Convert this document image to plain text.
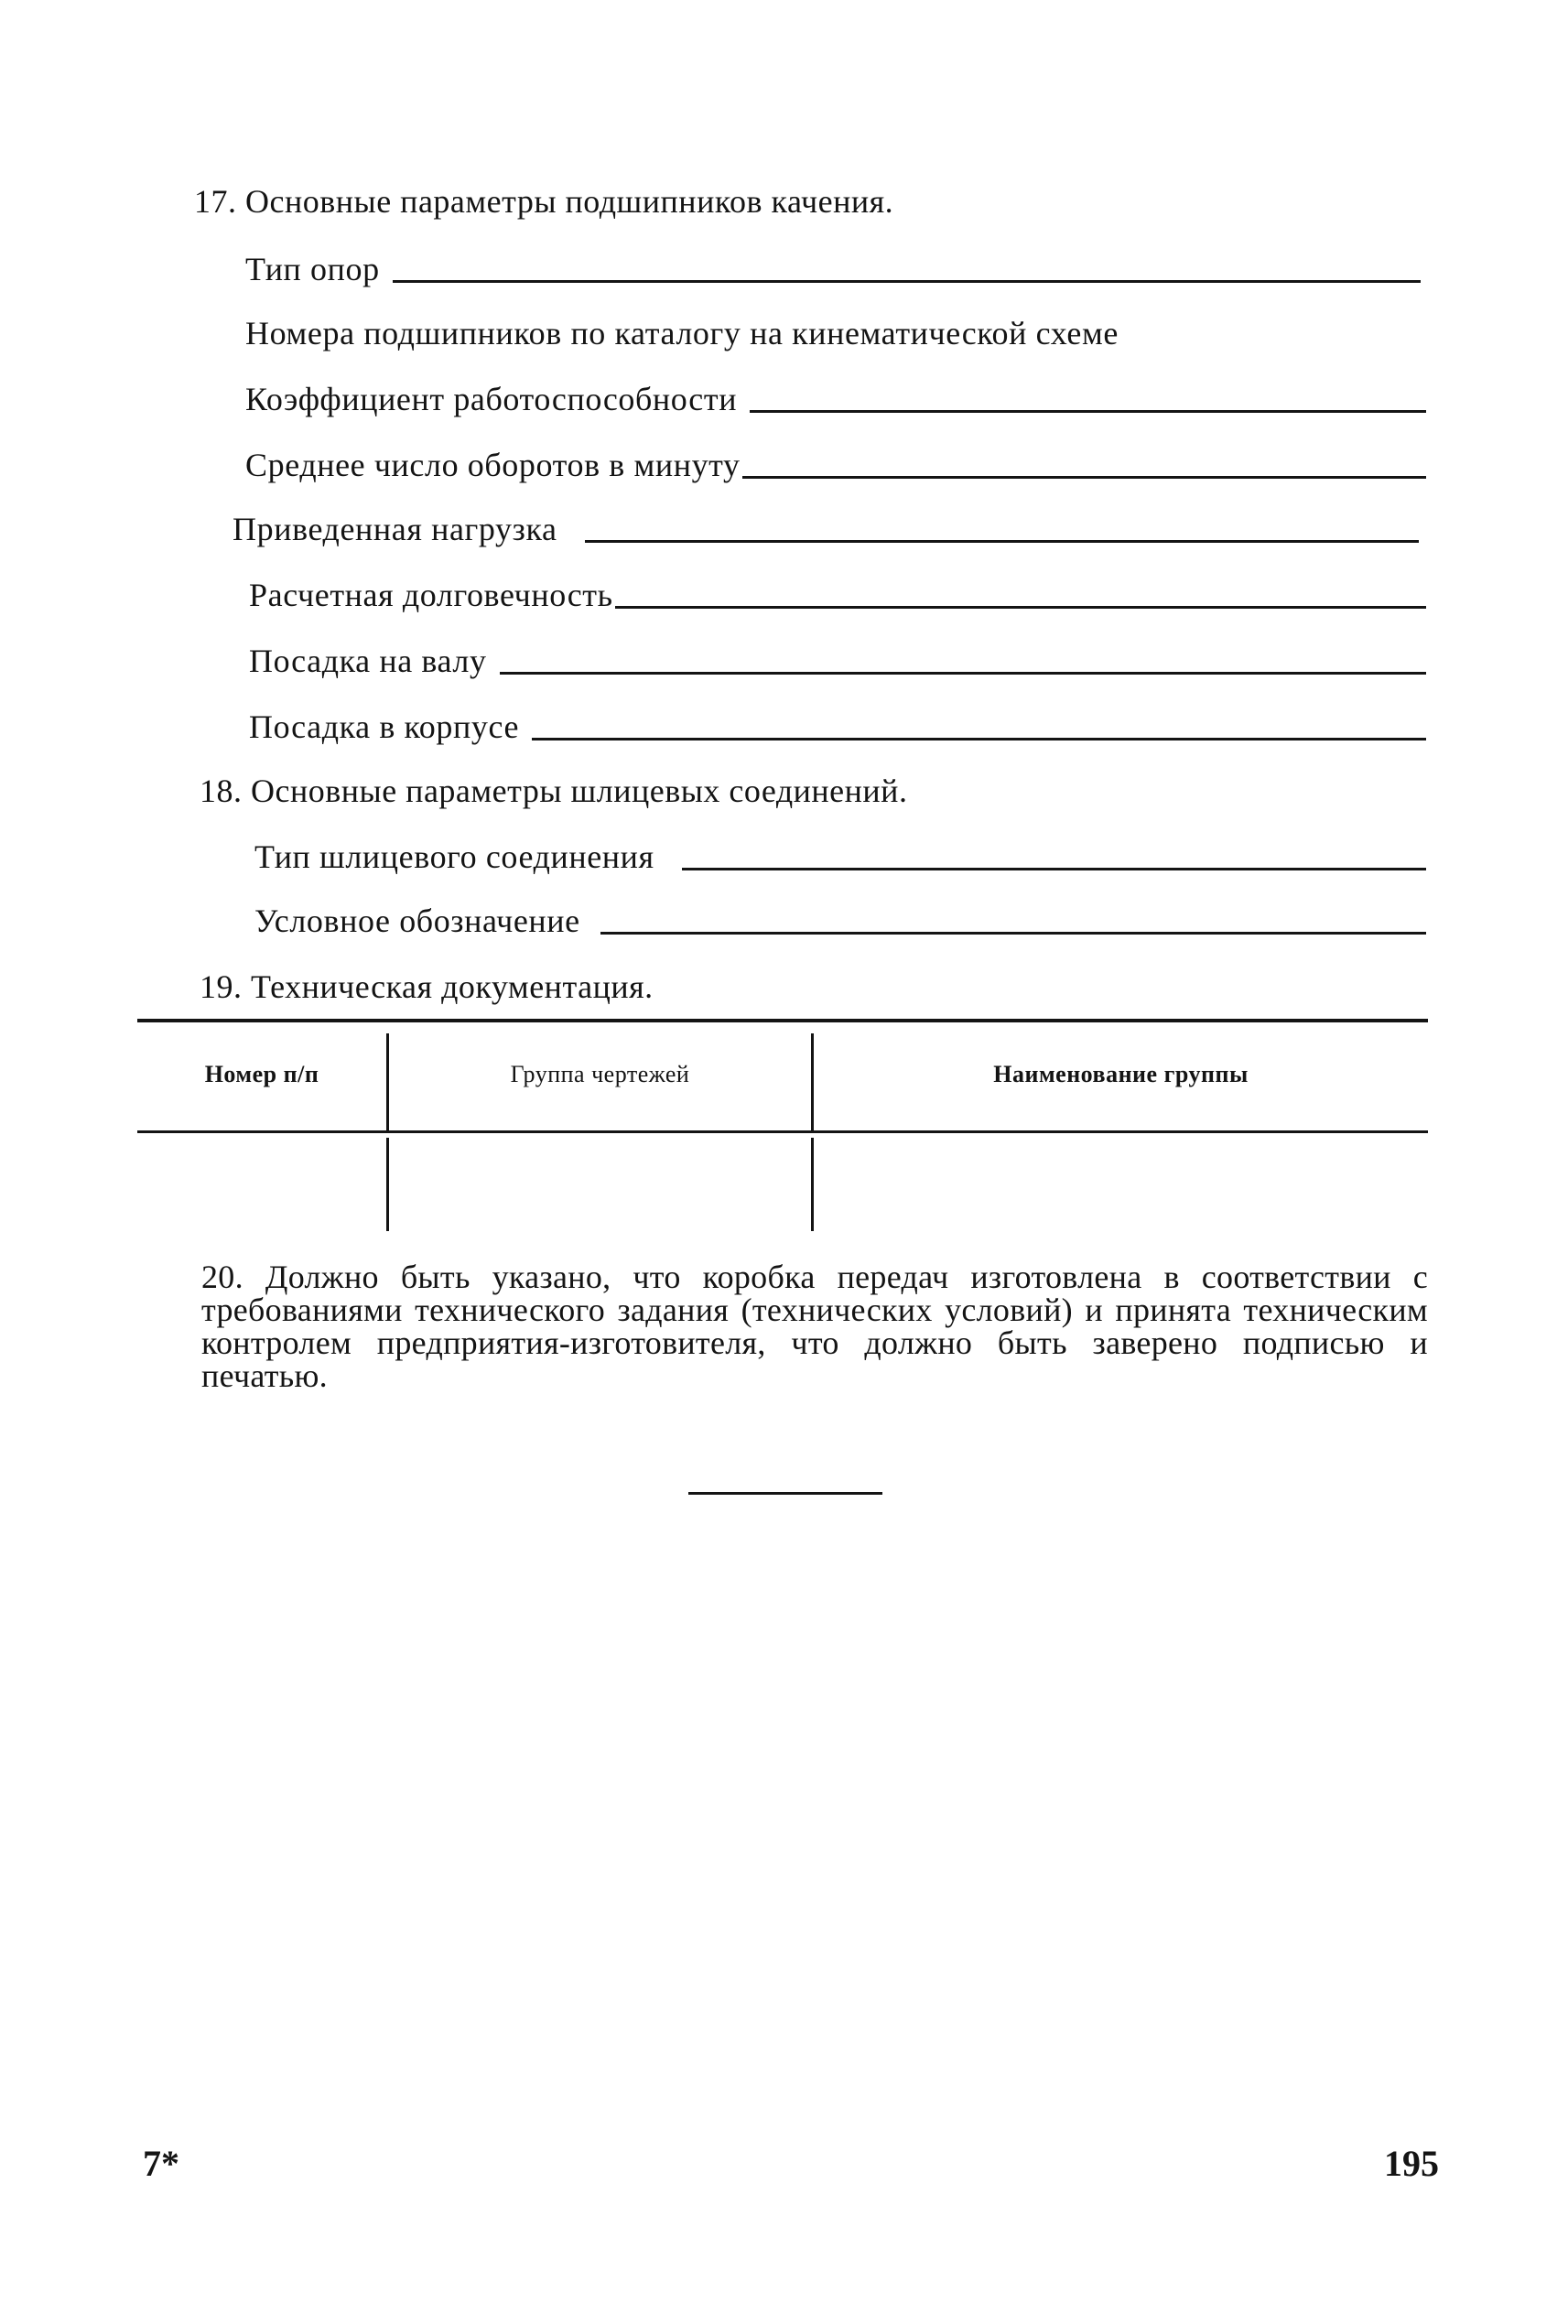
17. Основные параметры подшипников качения.
Тип опор
Номера подшипников по каталогу на кинематической схеме
Коэффициент работоспособности
Среднее число оборотов в минуту
Приведенная нагрузка
Расчетная долговечность
Посадка на валу
Посадка в корпусе
18. Основные параметры шлицевых соединений.
Тип шлицевого соединения
Условное обозначение
19. Техническая документация.
Номер п/п	Группа чертежей	Наименование группы
20. Должно быть указано, что коробка передач изготовлена в соответствии с требованиями технического задания (технических условий) и принята техническим контролем предприятия-изготовителя, что должно быть заверено подписью и печатью.
7*	195
